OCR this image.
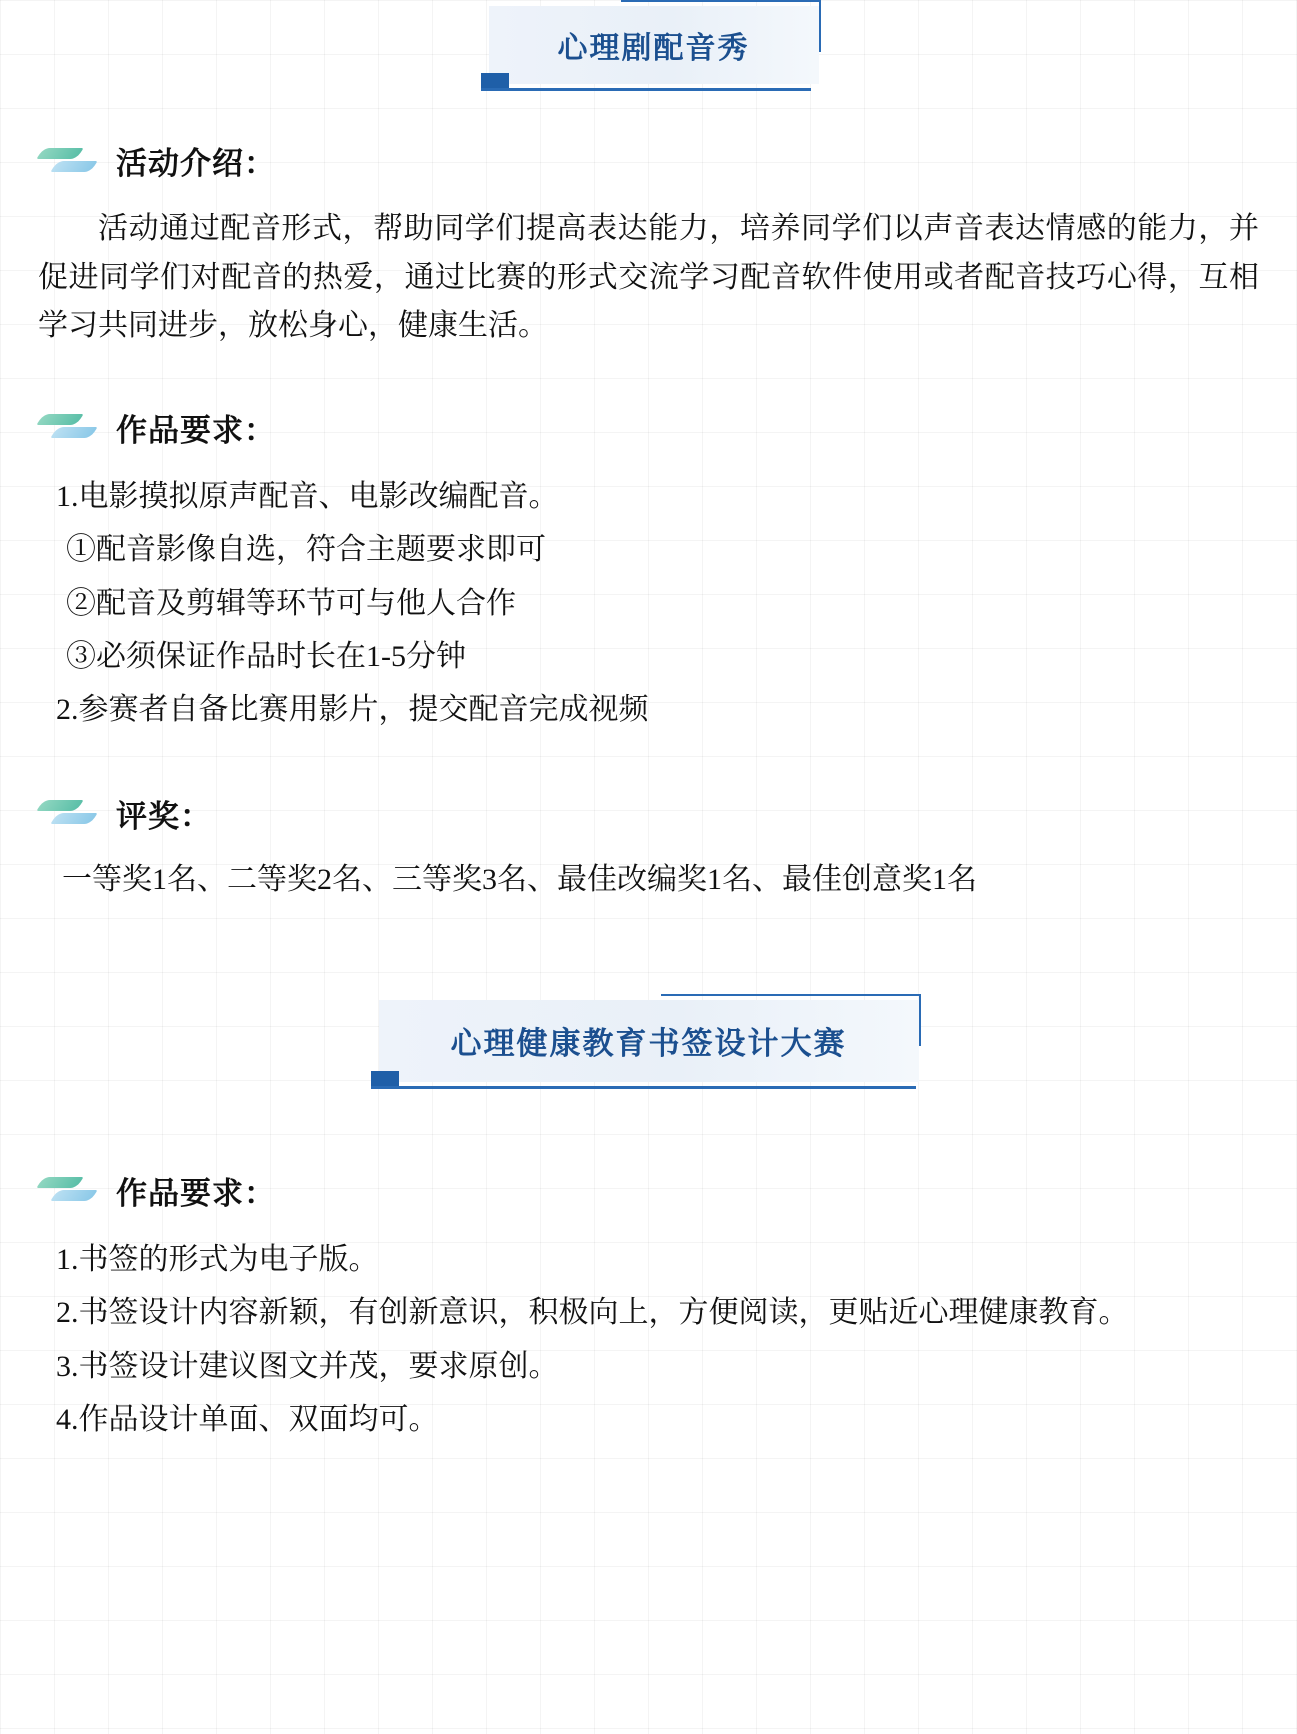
心理剧配音秀
活动介绍：

活动通过配音形式，帮助同学们提高表达能力，培养同学们以声音表达情感的能力，并促进同学们对配音的热爱，通过比赛的形式交流学习配音软件使用或者配音技巧心得，互相学习共同进步，放松身心，健康生活。

作品要求：
1.电影摸拟原声配音、电影改编配音。
①配音影像自选，符合主题要求即可
②配音及剪辑等环节可与他人合作
③必须保证作品时长在1-5分钟
2.参赛者自备比赛用影片，提交配音完成视频
评奖：
一等奖1名、二等奖2名、三等奖3名、最佳改编奖1名、最佳创意奖1名
心理健康教育书签设计大赛
作品要求：
1.书签的形式为电子版。
2.书签设计内容新颖，有创新意识，积极向上，方便阅读，更贴近心理健康教育。
3.书签设计建议图文并茂，要求原创。
4.作品设计单面、双面均可。
